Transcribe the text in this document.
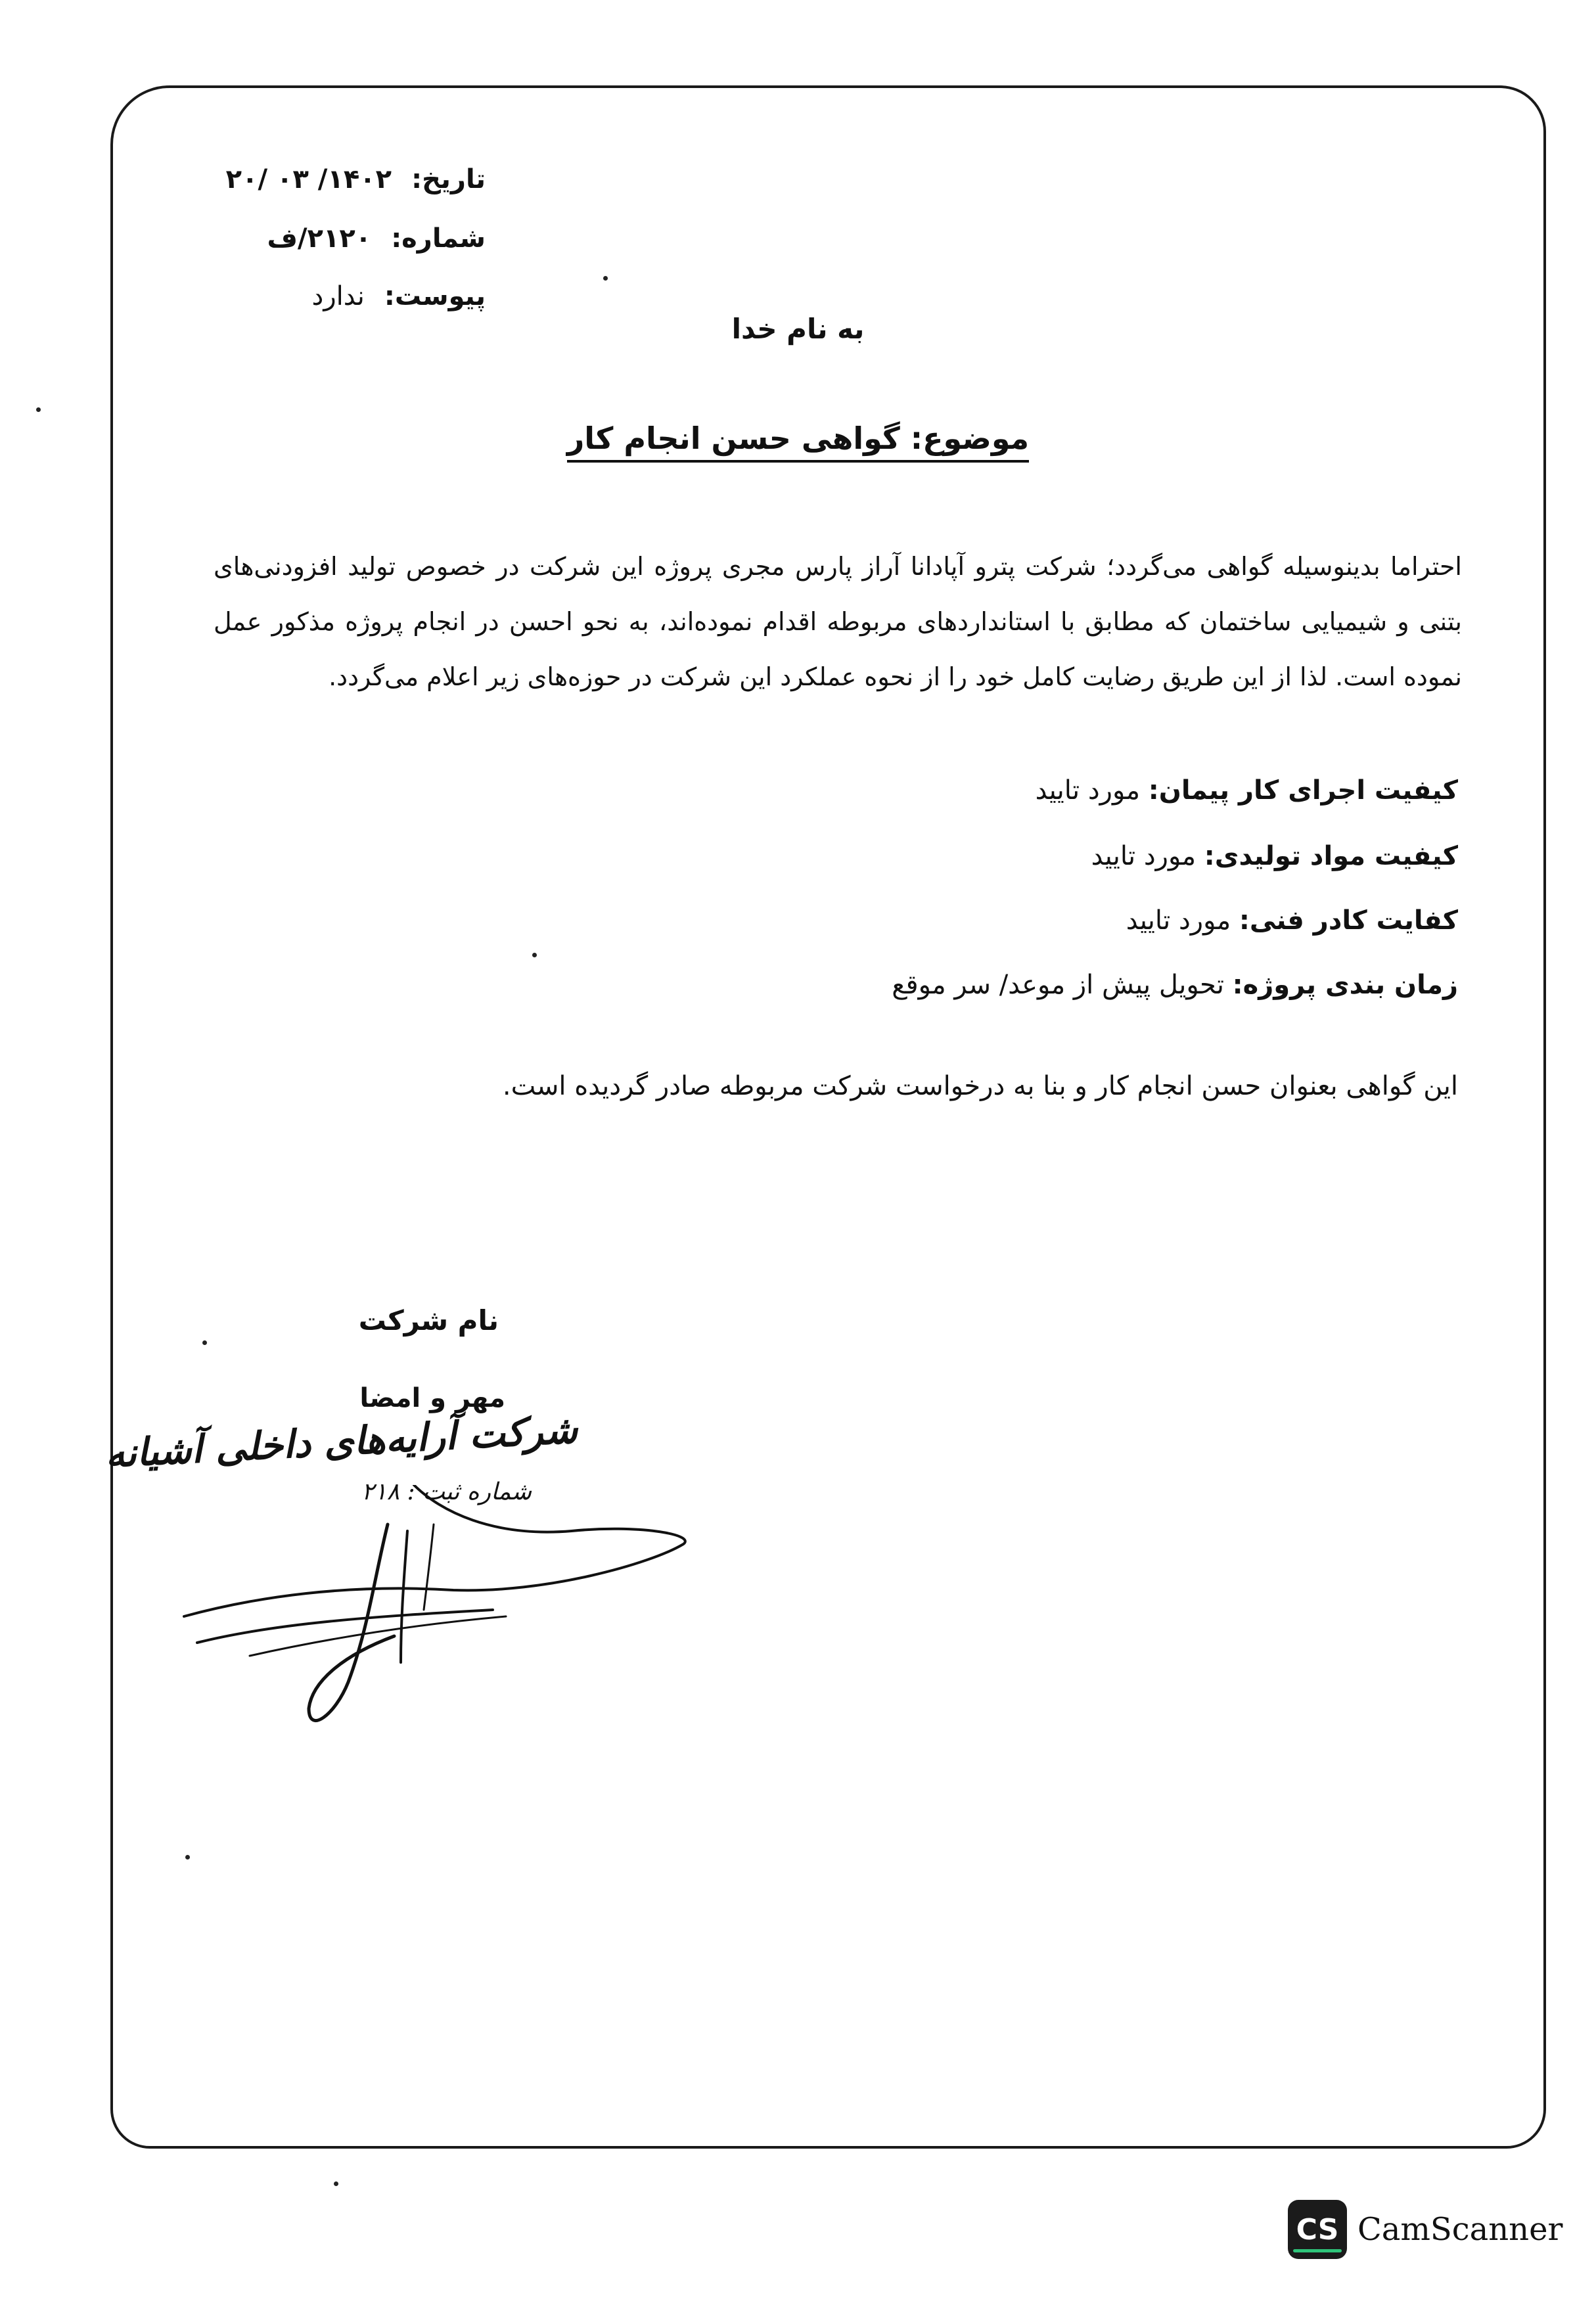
تاریخ:۱۴۰۲/ ۰۳ /۲۰
شماره:۲۱۲۰/ف
پیوست:ندارد
به نام خدا
موضوع: گواهی حسن انجام کار
احتراما بدینوسیله گواهی می‌گردد؛ شرکت پترو آپادانا آراز پارس مجری پروژه این شرکت در خصوص تولید افزودنی‌های بتنی و شیمیایی ساختمان که مطابق با استانداردهای مربوطه اقدام نموده‌اند، به نحو احسن در انجام پروژه مذکور عمل نموده است. لذا از این طریق رضایت کامل خود را از نحوه عملکرد این شرکت در حوزه‌های زیر اعلام می‌گردد.
کیفیت اجرای کار پیمان: مورد تایید
کیفیت مواد تولیدی: مورد تایید
کفایت کادر فنی: مورد تایید
زمان بندی پروژه: تحویل پیش از موعد/ سر موقع
این گواهی بعنوان حسن انجام کار و بنا به درخواست شرکت مربوطه صادر گردیده است.
نام شرکت
مهر و امضا
شرکت آرایه‌های داخلی آشیانه
شماره ثبت : ۲۱۸
CS CamScanner
